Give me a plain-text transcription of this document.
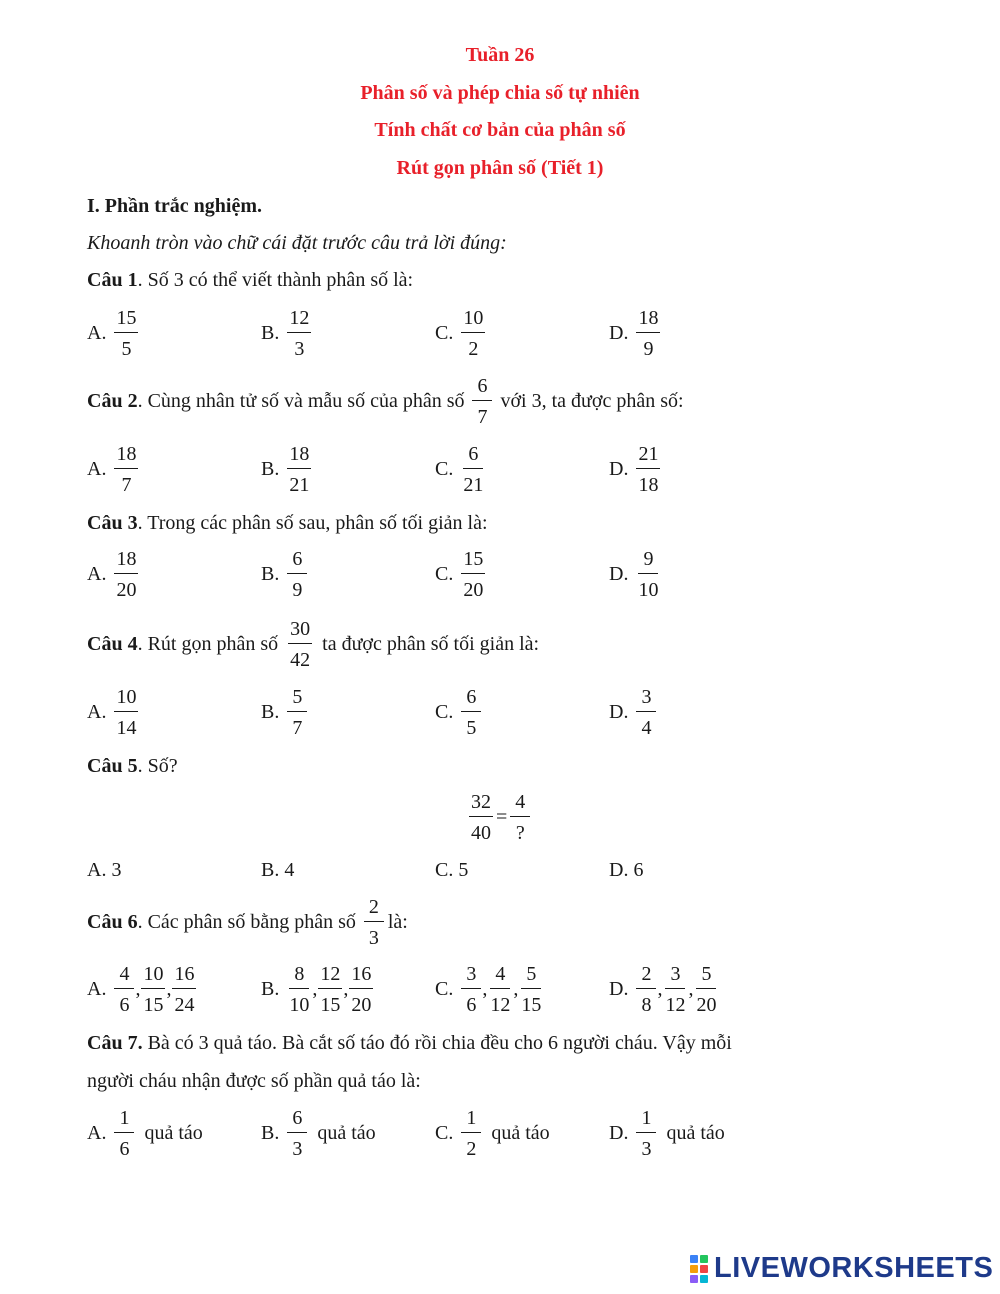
Tuần 26
Phân số và phép chia số tự nhiên
Tính chất cơ bản của phân số
Rút gọn phân số (Tiết 1)
I. Phần trắc nghiệm.
Khoanh tròn vào chữ cái đặt trước câu trả lời đúng:
Câu 1. Số 3 có thể viết thành phân số là:
A. $\frac{15}{5}$	B. $\frac{12}{3}$	C. $\frac{10}{2}$	D. $\frac{18}{9}$
Câu 2 . Cùng nhân tử số và mẫu số của phân số $\frac{6}{7}$ với 3, ta được phân số:
A. $\frac{18}{7}$	B. $\frac{18}{21}$	C. $\frac{6}{21}$	D. $\frac{21}{18}$
Câu 3. Trong các phân số sau, phân số tối giản là:
A. $\frac{18}{20}$	B. $\frac{6}{9}$	C. $\frac{15}{20}$	D. $\frac{9}{10}$
Câu 4 . Rút gọn phân số $\frac{30}{42}$ ta được phân số tối giản là:
A. $\frac{10}{14}$	B. $\frac{5}{7}$	C. $\frac{6}{5}$	D. $\frac{3}{4}$
Câu 5. Số?
$\frac{32}{40} = \frac{4}{?}$
A. 3	B. 4	C. 5	D. 6
Câu 6 . Các phân số bằng phân số $\frac{2}{3}$ là:
A. $\frac{4}{6}$ , $\frac{10}{15}$ , $\frac{16}{24}$	B. $\frac{8}{10}$ , $\frac{12}{15}$ , $\frac{16}{20}$	C. $\frac{3}{6}$ , $\frac{4}{12}$ , $\frac{5}{15}$	D. $\frac{2}{8}$ , $\frac{3}{12}$ , $\frac{5}{20}$
Câu 7. Bà có 3 quả táo. Bà cắt số táo đó rồi chia đều cho 6 người cháu. Vậy mỗi
người cháu nhận được số phần quả táo là:
A. $\frac{1}{6}$ quả táo	B. $\frac{6}{3}$ quả táo	C. $\frac{1}{2}$ quả táo	D. $\frac{1}{3}$ quả táo
LIVEWORKSHEETS
